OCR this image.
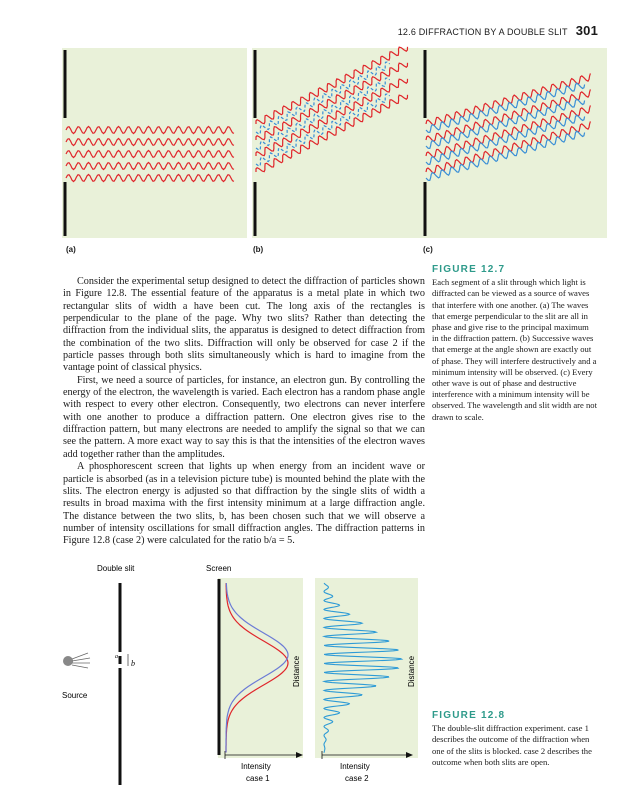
12.6 DIFFRACTION BY A DOUBLE SLIT 301
(a)	(b)	(c)

Consider the experimental setup designed to detect the diffraction of particles shown in Figure 12.8. The essential feature of the apparatus is a metal plate in which two rectangular slits of width a have been cut. The long axis of the rectangles is perpendicular to the plane of the page. Why two slits? Rather than detecting the diffraction from the individual slits, the apparatus is designed to detect diffraction from the combination of the two slits. Diffraction will only be observed for case 2 if the particle passes through both slits simultaneously which is hard to imagine from the vantage point of classical physics.

First, we need a source of particles, for instance, an electron gun. By controlling the energy of the electron, the wavelength is varied. Each electron has a random phase angle with respect to every other electron. Consequently, two electrons can never interfere with one another to produce a diffraction pattern. One electron gives rise to the diffraction pattern, but many electrons are needed to amplify the signal so that we can see the pattern. A more exact way to say this is that the intensities of the electron waves add together rather than the amplitudes.

A phosphorescent screen that lights up when energy from an incident wave or particle is absorbed (as in a television picture tube) is mounted behind the plate with the slits. The electron energy is adjusted so that diffraction by the single slits of width a results in broad maxima with the first intensity minimum at a large diffraction angle. The distance between the two slits, b, has been chosen such that we will observe a number of intensity oscillations for small diffraction angles. The diffraction patterns in Figure 12.8 (case 2) were calculated for the ratio b/a = 5.

FIGURE 12.7

Each segment of a slit through which light is diffracted can be viewed as a source of waves that interfere with one another. (a) The waves that emerge perpendicular to the slit are all in phase and give rise to the principal maximum in the diffraction pattern. (b) Successive waves that emerge at the angle shown are exactly out of phase. They will interfere destructively and a minimum intensity will be observed. (c) Every other wave is out of phase and destructive interference with a minimum intensity will be observed. The wavelength and slit width are not drawn to scale.

Double slit	Screen
Source
a
b	Distance	Distance
Intensity
case 1
Intensity
case 2
FIGURE 12.8

The double-slit diffraction experiment. case 1 describes the outcome of the diffraction when one of the slits is blocked. case 2 describes the outcome when both slits are open.
